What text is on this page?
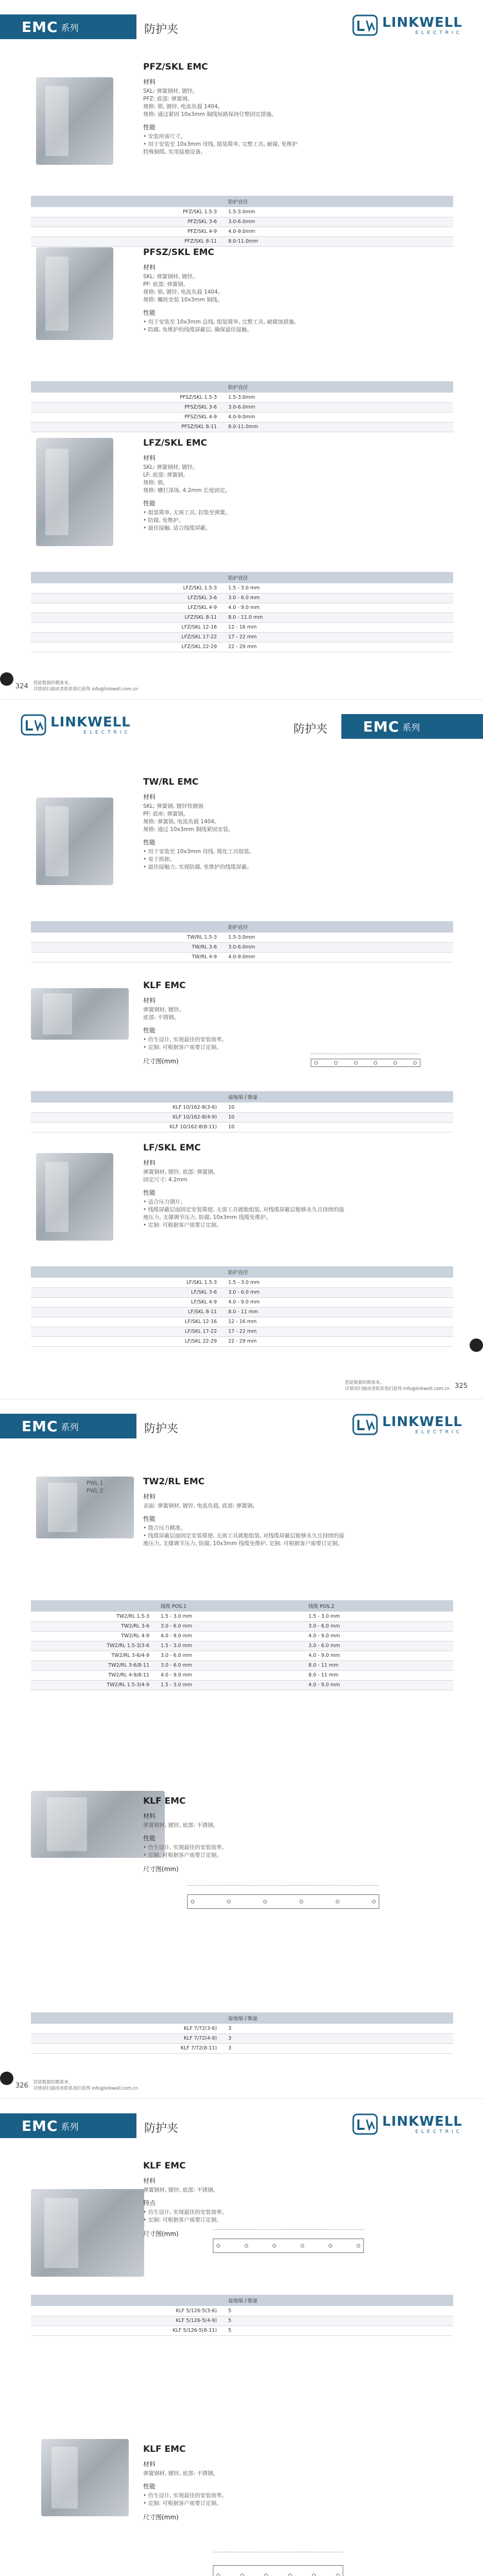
EMC 系列	防护夹	LINKWELL
ELECTRIC
PFZ/SKL EMC
材料
SKL: 弹簧钢材, 镀锌。
PFZ: 底部: 弹簧钢。
规格: 锁, 镀锌, 电流负载 1404。
规格: 通过紧固 10x3mm 铜线短路保持住整固定措施。
性能
• 安装所需尺寸。
• 用于安装至 10x3mm 母线, 组装简单, 完整工具, 耐腐, 免维护
特殊铜缆, 实用接地设备。
	防护直径
PFZ/SKL 1.5-3	1.5-3.0mm
PFZ/SKL 3-6	3.0-6.0mm
PFZ/SKL 4-9	4.0-9.0mm
PFZ/SKL 8-11	8.0-11.0mm
PFSZ/SKL EMC
材料
SKL: 弹簧钢材, 镀锌。
PF: 底部: 弹簧钢。
规格: 锁, 镀锌, 电流负载 1404。
规格: 螺丝安装 10x3mm 铜线。
性能
• 用于安装至 10x3mm 总线, 组装简单, 完整工具, 耐腐蚀措施,
• 防腐, 免维护的线缆屏蔽层, 确保最佳接触。
	防护直径
PFSZ/SKL 1.5-3	1.5-3.0mm
PFSZ/SKL 3-6	3.0-6.0mm
PFSZ/SKL 4-9	4.0-9.0mm
PFSZ/SKL 8-11	8.0-11.0mm
LFZ/SKL EMC
材料
SKL: 弹簧钢材, 镀锌。
LF: 底部: 弹簧钢。
规格: 锁。
规格: 槽打深场, 4.2mm 长度固定。
性能
• 组装简单, 无需工具, 扣装至弹簧。
• 防腐, 免维护。
• 最佳接触, 适合线缆屏蔽。
	防护直径
LFZ/SKL 1.5-3	1.5 - 3.0 mm
LFZ/SKL 3-6	3.0 - 6.0 mm
LFZ/SKL 4-9	4.0 - 9.0 mm
LFZ/SKL 8-11	8.0 - 11.0 mm
LFZ/SKL 12-16	12 - 16 mm
LFZ/SKL 17-22	17 - 22 mm
LFZ/SKL 22-29	22 - 29 mm
324 您能数据的精准来，
详情请扫描或者联系我们获得 info@linkwell.com.cn
LINKWELL
ELECTRIC	防护夹 EMC 系列
TW/RL EMC
材料
SKL: 弹簧钢, 镀锌铁镀锡
PF: 底座: 弹簧钢。
规格: 弹簧锁, 电流负载 1404。
规格: 通过 10x3mm 铜线紧固安装。
性能
• 用于安装至 10x3mm 母线, 简化工具组装。
• 易于拆卸。
• 最佳接触力, 实现防腐, 免维护的线缆屏蔽。
	防护直径
TW/RL 1.5-3	1.5-3.0mm
TW/RL 3-6	3.0-6.0mm
TW/RL 4-9	4.0-9.0mm
KLF EMC
材料
弹簧钢材, 镀锌。
底部: 不锈钢。
性能
• 仿生设计, 实现最佳的安装效率。
• 定制: 可根据客户需要订定制。
尺寸图(mm)
	接地端子数量
KLF 10/162-8(3-6)	10
KLF 10/162-8(4-9)	10
KLF 10/162-8(8-11)	10
LF/SKL EMC
材料
弹簧钢材, 镀锌, 底部: 弹簧钢。
固定尺寸: 4.2mm
性能
• 适合压力钢片。
• 线缆屏蔽层面固定安装简便, 无需工具就能组装, 对线缆屏蔽层能够永久且持续的接
地压力, 支撑调节压力, 防腐, 10x3mm 线缆免维护。
• 定制: 可根据客户需要订定制。
	防护直径
LF/SKL 1.5-3	1.5 - 3.0 mm
LF/SKL 3-6	3.0 - 6.0 mm
LF/SKL 4-9	4.0 - 9.0 mm
LF/SKL 8-11	8.0 - 11 mm
LF/SKL 12-16	12 - 16 mm
LF/SKL 17-22	17 - 22 mm
LF/SKL 22-29	22 - 29 mm
您能数据的精准来，
详情请扫描或者联系我们获得 info@linkwell.com.cn 325
EMC 系列	防护夹	LINKWELL
ELECTRIC
TW2/RL EMC
PWL 1
PWL 2
材料
表面: 弹簧钢材, 镀锌, 电流负载, 底部: 弹簧钢。
性能
• 散合压力精准。
• 线缆屏蔽层面固定安装简便, 无需工具就能组装, 对线缆屏蔽层能够永久且持续的接
地压力, 支撑调节压力, 防腐, 10x3mm 线缆免维护, 定制: 可根据客户需要订定制。
	线缆 POS.1	线缆 POS.2
TW2/RL 1.5-3	1.5 - 3.0 mm	1.5 - 3.0 mm
TW2/RL 3-6	3.0 - 6.0 mm	3.0 - 6.0 mm
TW2/RL 4-9	4.0 - 9.0 mm	4.0 - 9.0 mm
TW2/RL 1.5-3/3-6	1.5 - 3.0 mm	3.0 - 6.0 mm
TW2/RL 3-6/4-9	3.0 - 6.0 mm	4.0 - 9.0 mm
TW2/RL 3-6/8-11	3.0 - 6.0 mm	8.0 - 11 mm
TW2/RL 4-9/8-11	4.0 - 9.0 mm	8.0 - 11 mm
TW2/RL 1.5-3/4-9	1.5 - 3.0 mm	4.0 - 9.0 mm
KLF EMC
材料
弹簧钢材, 镀锌, 底部: 不锈钢。
性能
• 仿生设计, 实现最佳的安装效率。
• 定制: 可根据客户需要订定制。
尺寸图(mm)
	接地端子数量
KLF 7/72(3-6)	3
KLF 7/72(4-9)	3
KLF 7/72(8-11)	3
326 您能数据的精准来，
详情请扫描或者联系我们获得 info@linkwell.com.cn
EMC 系列	防护夹	LINKWELL
ELECTRIC
KLF EMC
材料
弹簧钢材, 镀锌, 底部: 不锈钢。
特点
• 仿生设计, 实现最佳的安装效率。
• 定制: 可根据客户需要订定制。
尺寸图(mm)
	接地端子数量
KLF 5/126-5(3-6)	5
KLF 5/126-5(4-9)	5
KLF 5/126-5(8-11)	5
KLF EMC
材料
弹簧钢材, 镀锌, 底部: 不锈钢。
性能
• 仿生设计, 实现最佳的安装效率。
• 定制: 可根据客户需要订定制。
尺寸图(mm)
